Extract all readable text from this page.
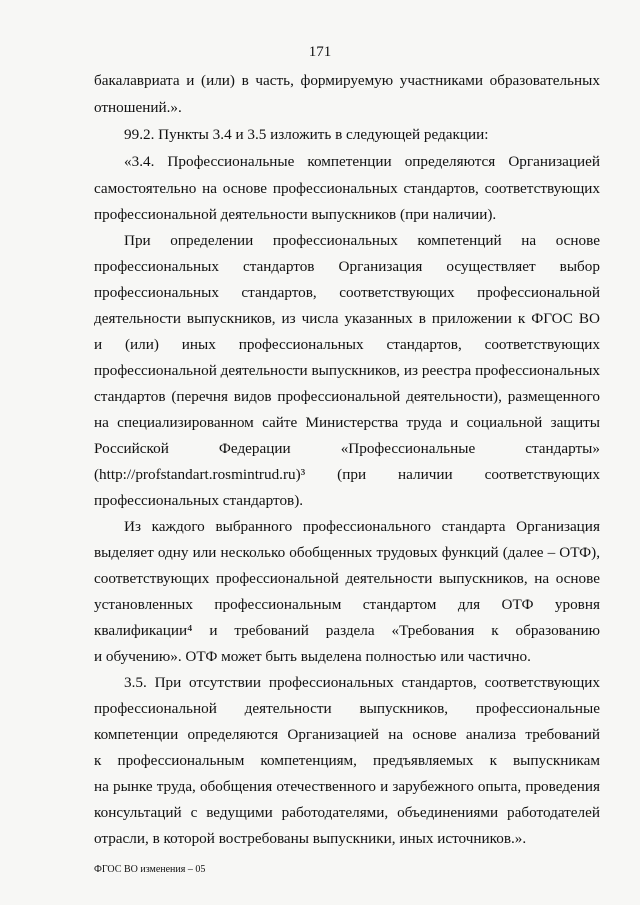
171
бакалавриата и (или) в часть, формируемую участниками образовательных
отношений.».
99.2. Пункты 3.4 и 3.5 изложить в следующей редакции:
«3.4. Профессиональные компетенции определяются Организацией
самостоятельно на основе профессиональных стандартов, соответствующих
профессиональной деятельности выпускников (при наличии).
При определении профессиональных компетенций на основе
профессиональных стандартов Организация осуществляет выбор
профессиональных стандартов, соответствующих профессиональной
деятельности выпускников, из числа указанных в приложении к ФГОС ВО
и (или) иных профессиональных стандартов, соответствующих
профессиональной деятельности выпускников, из реестра профессиональных
стандартов (перечня видов профессиональной деятельности), размещенного
на специализированном сайте Министерства труда и социальной защиты
Российской	Федерации	«Профессиональные	стандарты»
(http://profstandart.rosmintrud.ru)³ (при наличии соответствующих
профессиональных стандартов).
Из каждого выбранного профессионального стандарта Организация
выделяет одну или несколько обобщенных трудовых функций (далее – ОТФ),
соответствующих профессиональной деятельности выпускников, на основе
установленных профессиональным стандартом для ОТФ уровня
квалификации⁴ и требований раздела «Требования к образованию
и обучению». ОТФ может быть выделена полностью или частично.
3.5. При отсутствии профессиональных стандартов, соответствующих
профессиональной деятельности выпускников, профессиональные
компетенции определяются Организацией на основе анализа требований
к профессиональным компетенциям, предъявляемых к выпускникам
на рынке труда, обобщения отечественного и зарубежного опыта, проведения
консультаций с ведущими работодателями, объединениями работодателей
отрасли, в которой востребованы выпускники, иных источников.».
ФГОС ВО изменения – 05
